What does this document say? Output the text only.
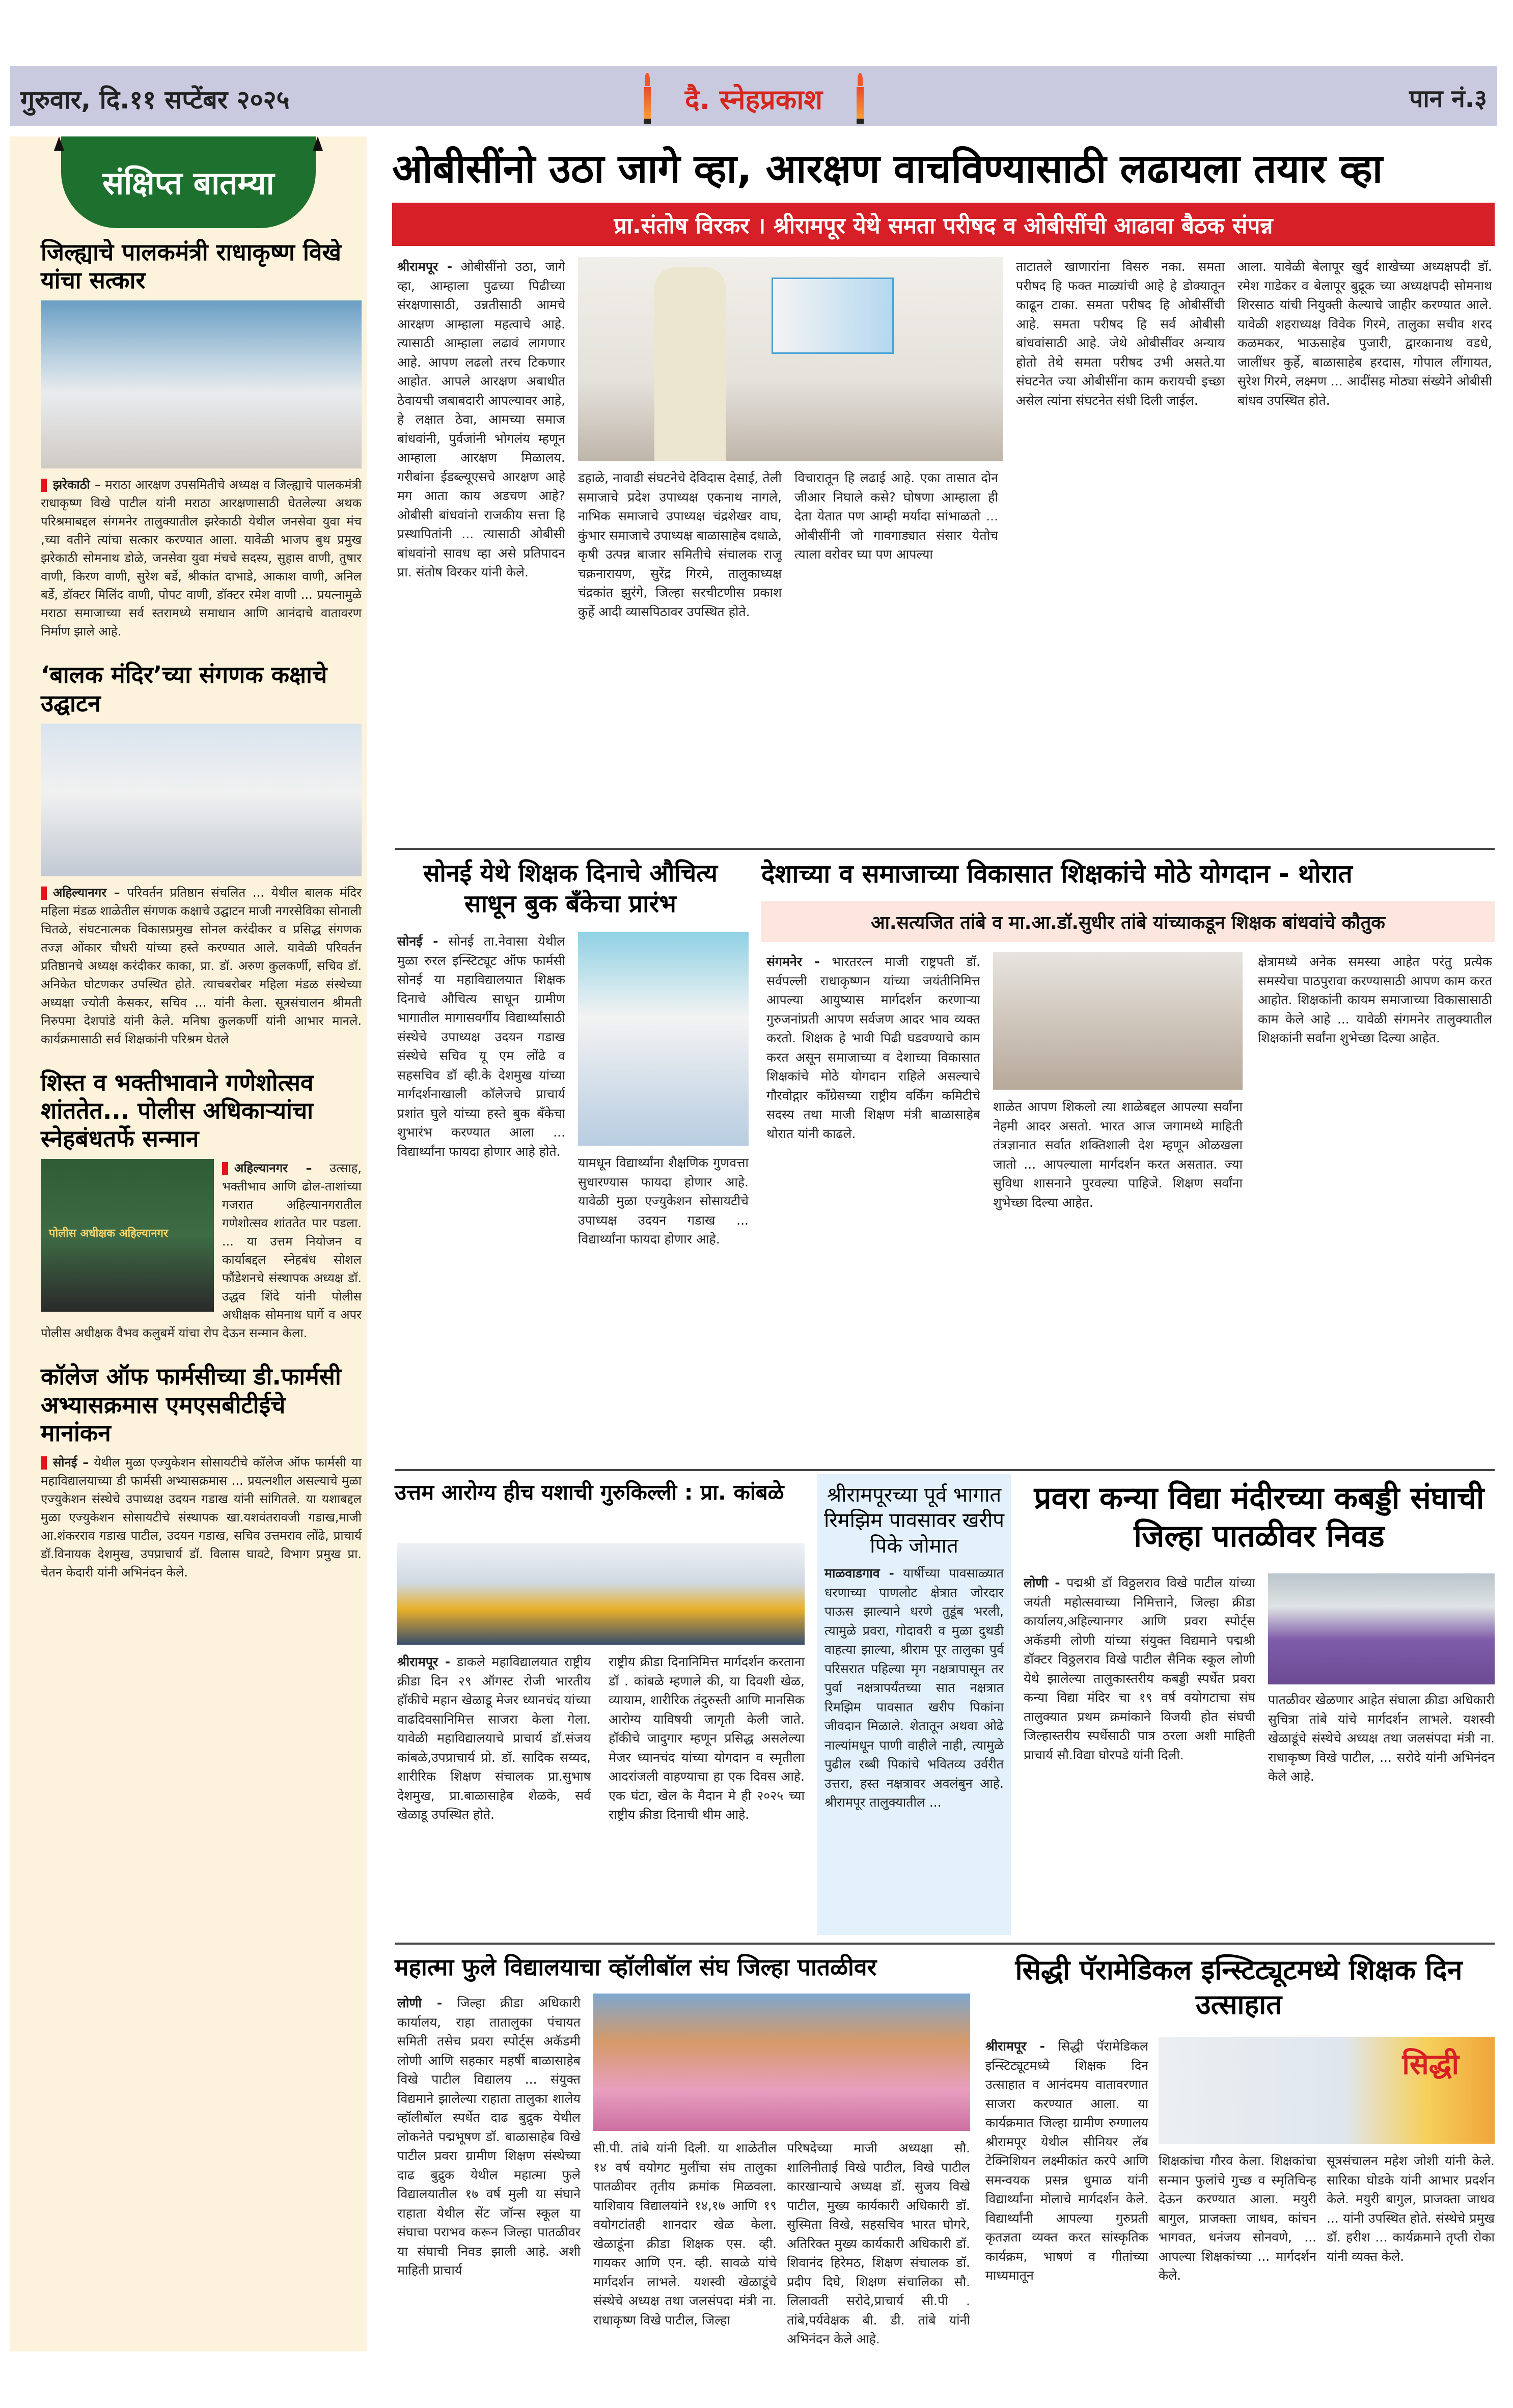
गुरुवार, दि.११ सप्टेंबर २०२५	दै. स्नेहप्रकाश	पान नं.३
संक्षिप्त बातम्या
जिल्ह्याचे पालकमंत्री राधाकृष्ण विखे यांचा सत्कार
झरेकाठी – मराठा आरक्षण उपसमितीचे अध्यक्ष व जिल्ह्याचे पालकमंत्री राधाकृष्ण विखे पाटील यांनी मराठा आरक्षणासाठी घेतलेल्या अथक परिश्रमाबद्दल संगमनेर तालुक्यातील झरेकाठी येथील जनसेवा युवा मंच ,च्या वतीने त्यांचा सत्कार करण्यात आला. यावेळी भाजप बुथ प्रमुख झरेकाठी सोमनाथ डोळे, जनसेवा युवा मंचचे सदस्य, सुहास वाणी, तुषार वाणी, किरण वाणी, सुरेश बर्डे, श्रीकांत दाभाडे, आकाश वाणी, अनिल बर्डे, डॉक्टर मिलिंद वाणी, पोपट वाणी, डॉक्टर रमेश वाणी ... प्रयत्नामुळे मराठा समाजाच्या सर्व स्तरामध्ये समाधान आणि आनंदाचे वातावरण निर्माण झाले आहे.
‘बालक मंदिर’च्या संगणक कक्षाचे उद्घाटन
अहिल्यानगर – परिवर्तन प्रतिष्ठान संचलित ... येथील बालक मंदिर महिला मंडळ शाळेतील संगणक कक्षाचे उद्घाटन माजी नगरसेविका सोनाली चितळे, संघटनात्मक विकासप्रमुख सोनल करंदीकर व प्रसिद्ध संगणक तज्ज्ञ ओंकार चौधरी यांच्या हस्ते करण्यात आले. यावेळी परिवर्तन प्रतिष्ठानचे अध्यक्ष करंदीकर काका, प्रा. डॉ. अरुण कुलकर्णी, सचिव डॉ. अनिकेत घोटणकर उपस्थित होते. त्याचबरोबर महिला मंडळ संस्थेच्या अध्यक्षा ज्योती केसकर, सचिव ... यांनी केला. सूत्रसंचालन श्रीमती निरुपमा देशपांडे यांनी केले. मनिषा कुलकर्णी यांनी आभार मानले. कार्यक्रमासाठी सर्व शिक्षकांनी परिश्रम घेतले
शिस्त व भक्तीभावाने गणेशोत्सव शांततेत... पोलीस अधिकाऱ्यांचा स्नेहबंधतर्फे सन्मान
पोलीस अधीक्षक अहिल्यानगर
अहिल्यानगर – उत्साह, भक्तीभाव आणि ढोल-ताशांच्या गजरात अहिल्यानगरातील गणेशोत्सव शांततेत पार पडला. ... या उत्तम नियोजन व कार्याबद्दल स्नेहबंध सोशल फौंडेशनचे संस्थापक अध्यक्ष डॉ. उद्धव शिंदे यांनी पोलीस अधीक्षक सोमनाथ घार्गे व अपर पोलीस अधीक्षक वैभव कलुबर्मे यांचा रोप देऊन सन्मान केला.
कॉलेज ऑफ फार्मसीच्या डी.फार्मसी अभ्यासक्रमास एमएसबीटीईचे मानांकन
सोनई – येथील मुळा एज्युकेशन सोसायटीचे कॉलेज ऑफ फार्मसी या महाविद्यालयाच्या डी फार्मसी अभ्यासक्रमास ... प्रयत्नशील असल्याचे मुळा एज्युकेशन संस्थेचे उपाध्यक्ष उदयन गडाख यांनी सांगितले. या यशाबद्दल मुळा एज्युकेशन सोसायटीचे संस्थापक खा.यशवंतरावजी गडाख,माजी आ.शंकरराव गडाख पाटील, उदयन गडाख, सचिव उत्तमराव लोंढे, प्राचार्य डॉ.विनायक देशमुख, उपप्राचार्य डॉ. विलास घावटे, विभाग प्रमुख प्रा. चेतन केदारी यांनी अभिनंदन केले.
ओबीसींनो उठा जागे व्हा, आरक्षण वाचविण्यासाठी लढायला तयार व्हा
प्रा.संतोष विरकर । श्रीरामपूर येथे समता परीषद व ओबीसींची आढावा बैठक संपन्न
श्रीरामपूर - ओबीसींनो उठा, जागे व्हा, आम्हाला पुढच्या पिढीच्या संरक्षणासाठी, उन्नतीसाठी आमचे आरक्षण आम्हाला महत्वाचे आहे. त्यासाठी आम्हाला लढावं लागणार आहे. आपण लढलो तरच टिकणार आहोत. आपले आरक्षण अबाधीत ठेवायची जबाबदारी आपल्यावर आहे, हे लक्षात ठेवा, आमच्या समाज बांधवांनी, पुर्वजांनी भोगलंय म्हणून आम्हाला आरक्षण मिळालय. गरीबांना ईडब्ल्यूएसचे आरक्षण आहे मग आता काय अडचण आहे? ओबीसी बांधवांनो राजकीय सत्ता हि प्रस्थापितांनी ... त्यासाठी ओबीसी बांधवांनो सावध व्हा असे प्रतिपादन प्रा. संतोष विरकर यांनी केले.
डहाळे, नावाडी संघटनेचे देविदास देसाई, तेली समाजाचे प्रदेश उपाध्यक्ष एकनाथ नागले, नाभिक समाजाचे उपाध्यक्ष चंद्रशेखर वाघ, कुंभार समाजाचे उपाध्यक्ष बाळासाहेब दधाळे, कृषी उत्पन्न बाजार समितीचे संचालक राजू चक्रनारायण, सुरेंद्र गिरमे, तालुकाध्यक्ष चंद्रकांत झुरंगे, जिल्हा सरचीटणीस प्रकाश कुर्हे आदी व्यासपिठावर उपस्थित होते.
विचारातून हि लढाई आहे. एका तासात दोन जीआर निघाले कसे? घोषणा आम्हाला ही देता येतात पण आम्ही मर्यादा सांभाळतो ... ओबीसींनी जो गावगाड्यात संसार येतोच त्याला वरोवर घ्या पण आपल्या
ताटातले खाणारांना विसरु नका. समता परीषद हि फक्त माळ्यांची आहे हे डोक्यातून काढून टाका. समता परीषद हि ओबीसींची आहे. समता परीषद हि सर्व ओबीसी बांधवांसाठी आहे. जेथे ओबीसींवर अन्याय होतो तेथे समता परीषद उभी असते.या संघटनेत ज्या ओबीसींना काम करायची इच्छा असेल त्यांना संघटनेत संधी दिली जाईल.
आला. यावेळी बेलापूर खुर्द शाखेच्या अध्यक्षपदी डॉ. रमेश गाडेकर व बेलापूर बुद्रूक च्या अध्यक्षपदी सोमनाथ शिरसाठ यांची नियुक्ती केल्याचे जाहीर करण्यात आले. यावेळी शहराध्यक्ष विवेक गिरमे, तालुका सचीव शरद कळमकर, भाऊसाहेब पुजारी, द्वारकानाथ वडधे, जालींधर कुर्हे, बाळासाहेब हरदास, गोपाल लींगायत, सुरेश गिरमे, लक्ष्मण ... आदींसह मोठ्या संख्येने ओबीसी बांधव उपस्थित होते.
सोनई येथे शिक्षक दिनाचे औचित्य साधून बुक बँकेचा प्रारंभ
सोनई - सोनई ता.नेवासा येथील मुळा रुरल इन्स्टिट्यूट ऑफ फार्मसी सोनई या महाविद्यालयात शिक्षक दिनाचे औचित्य साधून ग्रामीण भागातील मागासवर्गीय विद्यार्थ्यांसाठी संस्थेचे उपाध्यक्ष उदयन गडाख संस्थेचे सचिव यू एम लोंढे व सहसचिव डॉ व्ही.के देशमुख यांच्या मार्गदर्शनाखाली कॉलेजचे प्राचार्य प्रशांत घुले यांच्या हस्ते बुक बँकेचा शुभारंभ करण्यात आला ... विद्यार्थ्यांना फायदा होणार आहे होते.
यामधून विद्यार्थ्यांना शैक्षणिक गुणवत्ता सुधारण्यास फायदा होणार आहे. यावेळी मुळा एज्युकेशन सोसायटीचे उपाध्यक्ष उदयन गडाख ... विद्यार्थ्यांना फायदा होणार आहे.
देशाच्या व समाजाच्या विकासात शिक्षकांचे मोठे योगदान - थोरात
आ.सत्यजित तांबे व मा.आ.डॉ.सुधीर तांबे यांच्याकडून शिक्षक बांधवांचे कौतुक
संगमनेर - भारतरत्न माजी राष्ट्रपती डॉ. सर्वपल्ली राधाकृष्णन यांच्या जयंतीनिमित्त आपल्या आयुष्यास मार्गदर्शन करणाऱ्या गुरुजनांप्रती आपण सर्वजण आदर भाव व्यक्त करतो. शिक्षक हे भावी पिढी घडवण्याचे काम करत असून समाजाच्या व देशाच्या विकासात शिक्षकांचे मोठे योगदान राहिले असल्याचे गौरवोद्गार कॉंग्रेसच्या राष्ट्रीय वर्किंग कमिटीचे सदस्य तथा माजी शिक्षण मंत्री बाळासाहेब थोरात यांनी काढले.
शाळेत आपण शिकलो त्या शाळेबद्दल आपल्या सर्वांना नेहमी आदर असतो. भारत आज जगामध्ये माहिती तंत्रज्ञानात सर्वात शक्तिशाली देश म्हणून ओळखला जातो ... आपल्याला मार्गदर्शन करत असतात. ज्या सुविधा शासनाने पुरवल्या पाहिजे. शिक्षण सर्वांना शुभेच्छा दिल्या आहेत.
क्षेत्रामध्ये अनेक समस्या आहेत परंतु प्रत्येक समस्येचा पाठपुरावा करण्यासाठी आपण काम करत आहोत. शिक्षकांनी कायम समाजाच्या विकासासाठी काम केले आहे ... यावेळी संगमनेर तालुक्यातील शिक्षकांनी सर्वांना शुभेच्छा दिल्या आहेत.
उत्तम आरोग्य हीच यशाची गुरुकिल्ली : प्रा. कांबळे
श्रीरामपूर - डाकले महाविद्यालयात राष्ट्रीय क्रीडा दिन २९ ऑगस्ट रोजी भारतीय हॉकीचे महान खेळाडू मेजर ध्यानचंद यांच्या वाढदिवसानिमित्त साजरा केला गेला. यावेळी महाविद्यालयाचे प्राचार्य डॉ.संजय कांबळे,उपप्राचार्य प्रो. डॉ. सादिक सय्यद, शारीरिक शिक्षण संचालक प्रा.सुभाष देशमुख, प्रा.बाळासाहेब शेळके, सर्व खेळाडू उपस्थित होते.
राष्ट्रीय क्रीडा दिनानिमित्त मार्गदर्शन करताना डॉ . कांबळे म्हणाले की, या दिवशी खेळ, व्यायाम, शारीरिक तंदुरुस्ती आणि मानसिक आरोग्य याविषयी जागृती केली जाते. हॉकीचे जादुगार म्हणून प्रसिद्ध असलेल्या मेजर ध्यानचंद यांच्या योगदान व स्मृतीला आदरांजली वाहण्याचा हा एक दिवस आहे. एक घंटा, खेल के मैदान मे ही २०२५ च्या राष्ट्रीय क्रीडा दिनाची थीम आहे.
श्रीरामपूरच्या पूर्व भागात रिमझिम पावसावर खरीप पिके जोमात
माळवाडगाव - यार्षीच्या पावसाळ्यात धरणाच्या पाणलोट क्षेत्रात जोरदार पाऊस झाल्याने धरणे तुडूंब भरली, त्यामुळे प्रवरा, गोदावरी व मुळा दुथडी वाहत्या झाल्या, श्रीराम पूर तालुका पुर्व परिसरात पहिल्या मृग नक्षत्रापासून तर पुर्वा नक्षत्रापर्यंतच्या सात नक्षत्रात रिमझिम पावसात खरीप पिकांना जीवदान मिळाले. शेतातून अथवा ओढे नाल्यांमधून पाणी वाहीले नाही, त्यामुळे पुढील रब्बी पिकांचे भवितव्य उर्वरीत उत्तरा, हस्त नक्षत्रावर अवलंबुन आहे. श्रीरामपूर तालुक्यातील ...
प्रवरा कन्या विद्या मंदीरच्या कबड्डी संघाची जिल्हा पातळीवर निवड
लोणी - पद्मश्री डॉ विठ्ठलराव विखे पाटील यांच्या जयंती महोत्सवाच्या निमित्ताने, जिल्हा क्रीडा कार्यालय,अहिल्यानगर आणि प्रवरा स्पोर्ट्स अकॅडमी लोणी यांच्या संयुक्त विद्यमाने पद्मश्री डॉक्टर विठ्ठलराव विखे पाटील सैनिक स्कूल लोणी येथे झालेल्या तालुकास्तरीय कबड्डी स्पर्धेत प्रवरा कन्या विद्या मंदिर चा १९ वर्ष वयोगटाचा संघ तालुक्यात प्रथम क्रमांकाने विजयी होत संघची जिल्हास्तरीय स्पर्धेसाठी पात्र ठरला अशी माहिती प्राचार्य सौ.विद्या घोरपडे यांनी दिली.
पातळीवर खेळणार आहेत संघाला क्रीडा अधिकारी सुचित्रा तांबे यांचे मार्गदर्शन लाभले. यशस्वी खेळाडूंचे संस्थेचे अध्यक्ष तथा जलसंपदा मंत्री ना. राधाकृष्ण विखे पाटील, ... सरोदे यांनी अभिनंदन केले आहे.
महात्मा फुले विद्यालयाचा व्हॉलीबॉल संघ जिल्हा पातळीवर
लोणी - जिल्हा क्रीडा अधिकारी कार्यालय, राहा तातालुका पंचायत समिती तसेच प्रवरा स्पोर्ट्स अकॅडमी लोणी आणि सहकार महर्षी बाळासाहेब विखे पाटील विद्यालय ... संयुक्त विद्यमाने झालेल्या राहाता तालुका शालेय व्हॉलीबॉल स्पर्धेत दाढ बुद्रुक येथील लोकनेते पद्मभूषण डॉ. बाळासाहेब विखे पाटील प्रवरा ग्रामीण शिक्षण संस्थेच्या दाढ बुद्रुक येथील महात्मा फुले विद्यालयातील १७ वर्ष मुली या संघाने राहाता येथील सेंट जॉन्स स्कूल या संघाचा पराभव करून जिल्हा पातळीवर या संघाची निवड झाली आहे. अशी माहिती प्राचार्य
सी.पी. तांबे यांनी दिली. या शाळेतील १४ वर्ष वयोगट मुलींचा संघ तालुका पातळीवर तृतीय क्रमांक मिळवला. याशिवाय विद्यालयांने १४,१७ आणि १९ वयोगटांतही शानदार खेळ केला. खेळाडूंना क्रीडा शिक्षक एस. व्ही. गायकर आणि एन. व्ही. सावळे यांचे मार्गदर्शन लाभले. यशस्वी खेळाडूंचे संस्थेचे अध्यक्ष तथा जलसंपदा मंत्री ना. राधाकृष्ण विखे पाटील, जिल्हा
परिषदेच्या माजी अध्यक्षा सौ. शालिनीताई विखे पाटील, विखे पाटील कारखान्याचे अध्यक्ष डॉ. सुजय विखे पाटील, मुख्य कार्यकारी अधिकारी डॉ. सुस्मिता विखे, सहसचिव भारत घोगरे, अतिरिक्त मुख्य कार्यकारी अधिकारी डॉ. शिवानंद हिरेमठ, शिक्षण संचालक डॉ. प्रदीप दिघे, शिक्षण संचालिका सौ. लिलावती सरोदे,प्राचार्य सी.पी . तांबे,पर्यवेक्षक बी. डी. तांबे यांनी अभिनंदन केले आहे.
सिद्धी पॅरामेडिकल इन्स्टिट्यूटमध्ये शिक्षक दिन उत्साहात
श्रीरामपूर - सिद्धी पॅरामेडिकल इन्स्टिट्यूटमध्ये शिक्षक दिन उत्साहात व आनंदमय वातावरणात साजरा करण्यात आला. या कार्यक्रमात जिल्हा ग्रामीण रुग्णालय श्रीरामपूर येथील सीनियर लॅब टेक्निशियन लक्ष्मीकांत करपे आणि समन्वयक प्रसन्न धुमाळ यांनी विद्यार्थ्यांना मोलाचे मार्गदर्शन केले. विद्यार्थ्यांनी आपल्या गुरुप्रती कृतज्ञता व्यक्त करत सांस्कृतिक कार्यक्रम, भाषणं व गीतांच्या माध्यमातून
सिद्धी
शिक्षकांचा गौरव केला. शिक्षकांचा सन्मान फुलांचे गुच्छ व स्मृतिचिन्ह देऊन करण्यात आला. मयुरी बागुल, प्राजक्ता जाधव, कांचन भागवत, धनंजय सोनवणे, ... आपल्या शिक्षकांच्या ... मार्गदर्शन केले.
सूत्रसंचालन महेश जोशी यांनी केले. सारिका घोडके यांनी आभार प्रदर्शन केले. मयुरी बागुल, प्राजक्ता जाधव ... यांनी उपस्थित होते. संस्थेचे प्रमुख डॉ. हरीश ... कार्यक्रमाने तृप्ती रोका यांनी व्यक्त केले.
